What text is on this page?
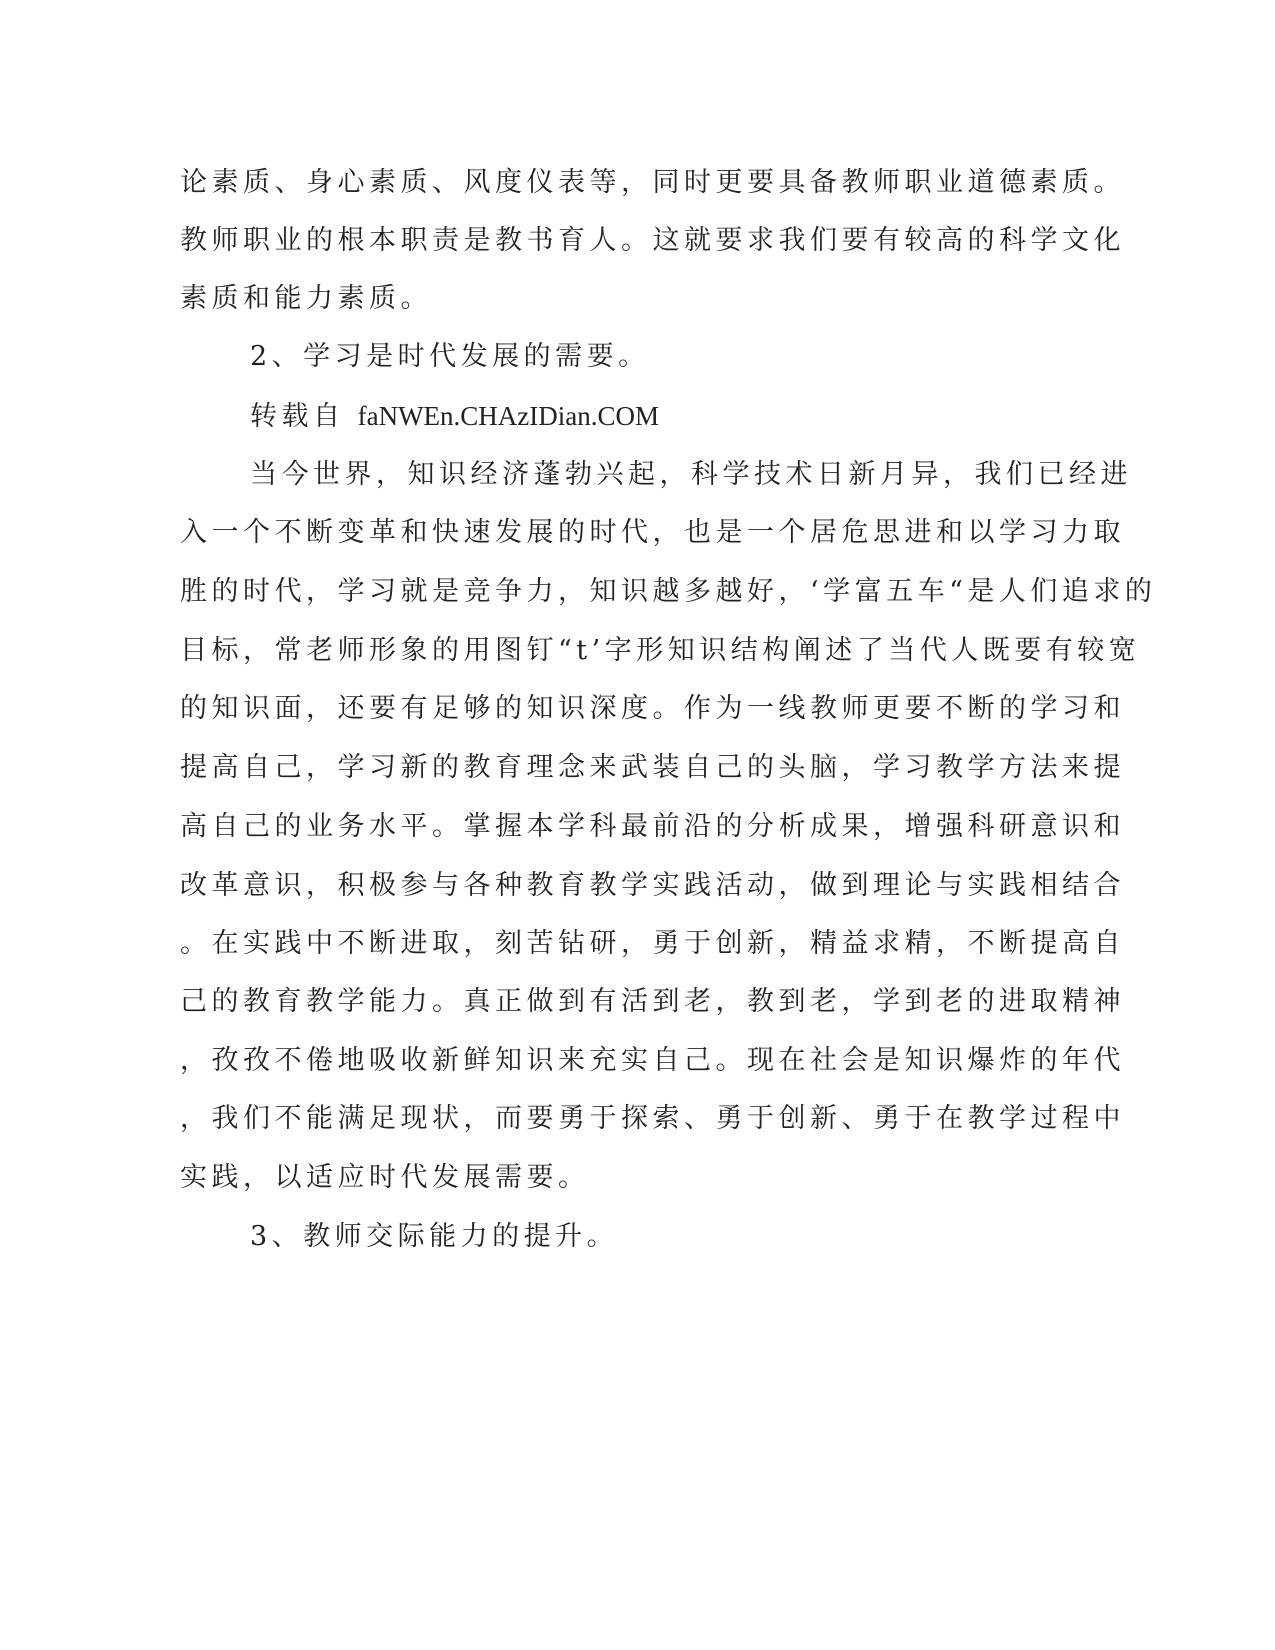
论素质、身心素质、风度仪表等，同时更要具备教师职业道德素质。
教师职业的根本职责是教书育人。这就要求我们要有较高的科学文化
素质和能力素质。
2、学习是时代发展的需要。
转载自 faNWEn.CHAzIDian.COM
当今世界，知识经济蓬勃兴起，科学技术日新月异，我们已经进
入一个不断变革和快速发展的时代，也是一个居危思进和以学习力取
胜的时代，学习就是竞争力，知识越多越好，‘学富五车“是人们追求的
目标，常老师形象的用图钉“t’字形知识结构阐述了当代人既要有较宽
的知识面，还要有足够的知识深度。作为一线教师更要不断的学习和
提高自己，学习新的教育理念来武装自己的头脑，学习教学方法来提
高自己的业务水平。掌握本学科最前沿的分析成果，增强科研意识和
改革意识，积极参与各种教育教学实践活动，做到理论与实践相结合
。在实践中不断进取，刻苦钻研，勇于创新，精益求精，不断提高自
己的教育教学能力。真正做到有活到老，教到老，学到老的进取精神
，孜孜不倦地吸收新鲜知识来充实自己。现在社会是知识爆炸的年代
，我们不能满足现状，而要勇于探索、勇于创新、勇于在教学过程中
实践，以适应时代发展需要。
3、教师交际能力的提升。
